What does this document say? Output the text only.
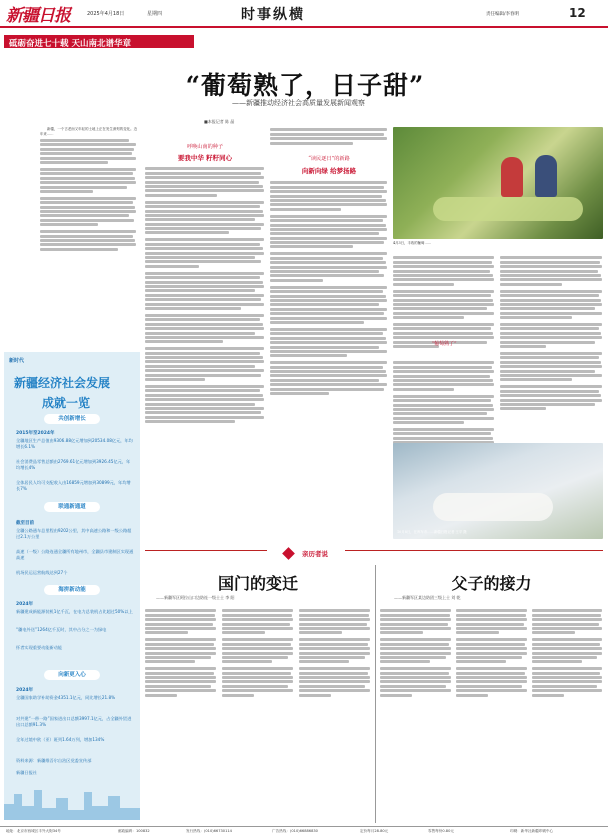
新疆日报	2025年4月18日	星期四	时事纵横	责任编辑/李春明	12
砥砺奋进七十载 天山南北谱华章
“葡萄熟了，日子甜”
——新疆推动经济社会高质量发展新闻观察
■本报记者 陈 晶

新疆，一个古老而又年轻的土地上正在发生深刻的变化。近年来……

新时代
新疆经济社会发展
成就一览
共创新增长
2015年至2024年
全疆地区生产总值由9306.88亿元增加到20534.08亿元，年均增长6.1%
社会消费品零售总额由2769.61亿元增加到3926.45亿元，年均增长4%
全体居民人均可支配收入由16859元增加到30899元，年均增长7%
联通新通道
截至目前
全疆公路通车总里程由9202公里，其中高速公路和一级公路超过2.1万公里
高速（一级）公路连通全疆所有地州市，全疆县市建制区实现通高速
机场民运运营航线达到27个
海拼新动能
2024年
新疆建成新能源装机1亿千瓦，在电力总装机占比超过50%以上
“疆电外送”1264亿千瓦时，其中占分之一为绿电
怀者实现重要动能新动能
向新更入心
2024年
全疆国家助学补助资金4351.1亿元，同比增长21.8%
对共建“一带一路”国家进出口总额3997.1亿元，占全疆外贸进出口总额91.3%
全年过境中欧（亚）班列1.64万列，增加134%
资料来源：新疆维吾尔自治区党委宣传部
新疆日报社
呼唤山南的种子
要我中华 籽籽同心	“读民逐日”的新路
向新向绿 给梦扬路
4月3日，丰收的葡萄……
“葡萄熟了”
10月8日，在库车市……新疆日报记者 王平 摄
亲历者说
国门的变迁
——新疆军区阿拉山口边防连一级士士 李 阳
父子的接力
——新疆军区某边防团三级上士 刘 乾
地址：北京市西城区丰外大街34号	邮政编码：100832	发行热线：(010)66730114	广告热线：(010)66886830	定价每月28.80元	零售每份0.80元	印刷：新华社新疆印刷中心
